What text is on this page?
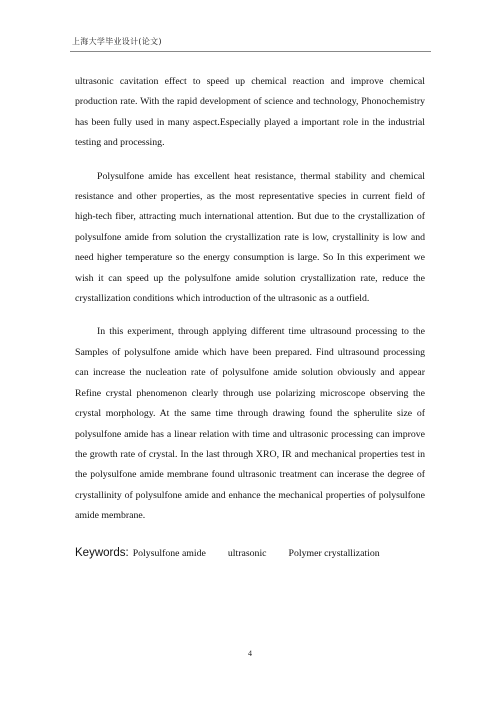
上海大学毕业设计(论文)

ultrasonic cavitation effect to speed up chemical reaction and improve chemical production rate. With the rapid development of science and technology, Phonochemistry has been fully used in many aspect.Especially played a important role in the industrial testing and processing.

Polysulfone amide has excellent heat resistance, thermal stability and chemical resistance and other properties, as the most representative species in current field of high-tech fiber, attracting much international attention. But due to the crystallization of polysulfone amide from solution the crystallization rate is low, crystallinity is low and need higher temperature so the energy consumption is large. So In this experiment we wish it can speed up the polysulfone amide solution crystallization rate, reduce the crystallization conditions which introduction of the ultrasonic as a outfield.

In this experiment, through applying different time ultrasound processing to the Samples of polysulfone amide which have been prepared. Find ultrasound processing can increase the nucleation rate of polysulfone amide solution obviously and appear Refine crystal phenomenon clearly through use polarizing microscope observing the crystal morphology. At the same time through drawing found the spherulite size of polysulfone amide has a linear relation with time and ultrasonic processing can improve the growth rate of crystal. In the last through XRO, IR and mechanical properties test in the polysulfone amide membrane found ultrasonic treatment can incerase the degree of crystallinity of polysulfone amide and enhance the mechanical properties of polysulfone amide membrane.

Keywords: Polysulfone amide ultrasonic Polymer crystallization
4
